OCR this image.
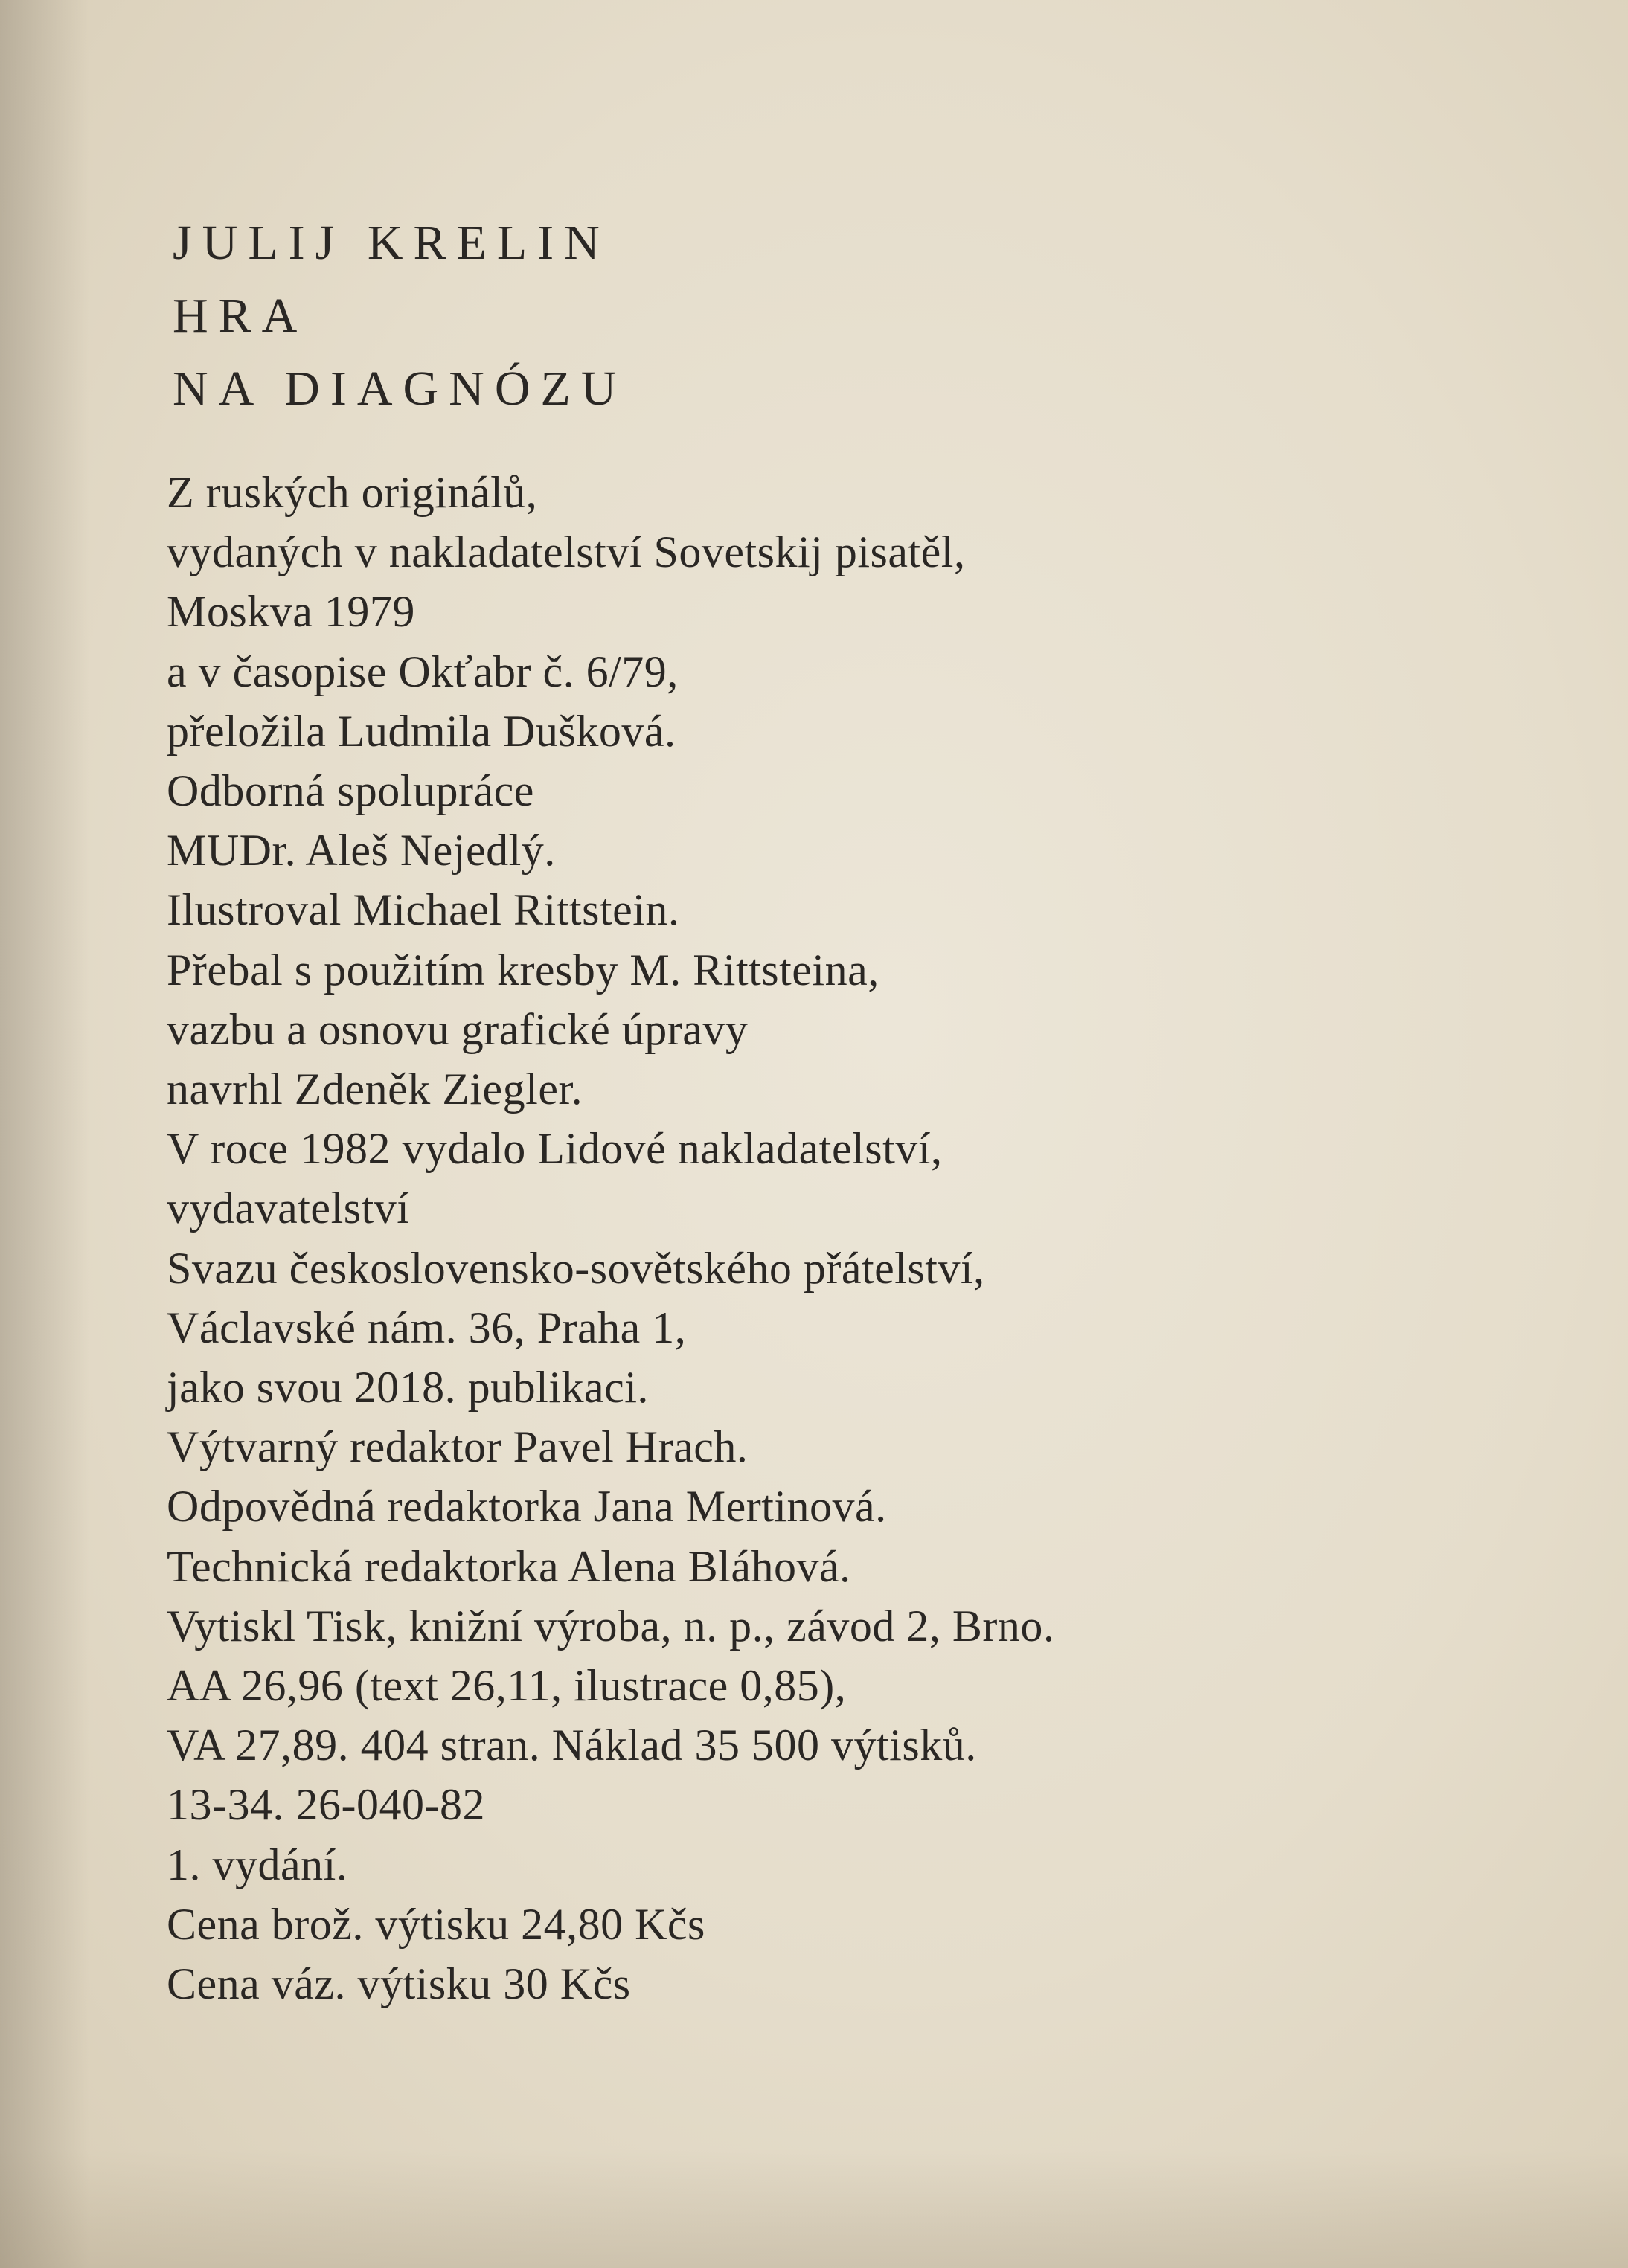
JULIJ KRELIN
HRA
NA DIAGNÓZU
Z ruských originálů,
vydaných v nakladatelství Sovetskij pisatěl,
Moskva 1979
a v časopise Okťabr č. 6/79,
přeložila Ludmila Dušková.
Odborná spolupráce
MUDr. Aleš Nejedlý.
Ilustroval Michael Rittstein.
Přebal s použitím kresby M. Rittsteina,
vazbu a osnovu grafické úpravy
navrhl Zdeněk Ziegler.
V roce 1982 vydalo Lidové nakladatelství,
vydavatelství
Svazu československo-sovětského přátelství,
Václavské nám. 36, Praha 1,
jako svou 2018. publikaci.
Výtvarný redaktor Pavel Hrach.
Odpovědná redaktorka Jana Mertinová.
Technická redaktorka Alena Bláhová.
Vytiskl Tisk, knižní výroba, n. p., závod 2, Brno.
AA 26,96 (text 26,11, ilustrace 0,85),
VA 27,89. 404 stran. Náklad 35 500 výtisků.
13-34. 26-040-82
1. vydání.
Cena brož. výtisku 24,80 Kčs
Cena váz. výtisku 30 Kčs
